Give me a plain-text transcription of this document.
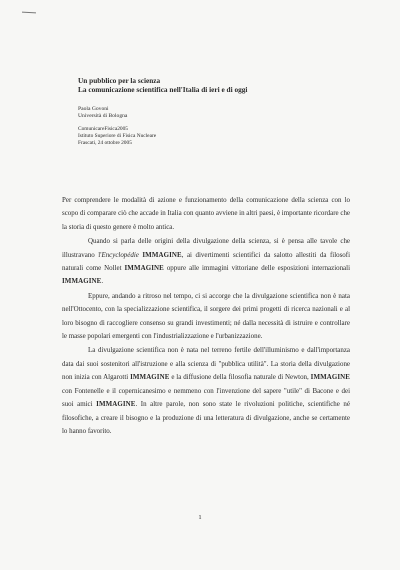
Un pubblico per la scienza
La comunicazione scientifica nell'Italia di ieri e di oggi

Paola Govoni
Università di Bologna
ComunicareFisica2005
Istituto Superiore di Fisica Nucleare
Frascati, 24 ottobre 2005

Per comprendere le modalità di azione e funzionamento della comunicazione della scienza con lo scopo di comparare ciò che accade in Italia con quanto avviene in altri paesi, è importante ricordare che la storia di questo genere è molto antica.

Quando si parla delle origini della divulgazione della scienza, si è pensa alle tavole che illustravano l'Encyclopédie IMMAGINE, ai divertimenti scientifici da salotto allestiti da filosofi naturali come Nollet IMMAGINE oppure alle immagini vittoriane delle esposizioni internazionali IMMAGINE.

Eppure, andando a ritroso nel tempo, ci si accorge che la divulgazione scientifica non è nata nell'Ottocento, con la specializzazione scientifica, il sorgere dei primi progetti di ricerca nazionali e al loro bisogno di raccogliere consenso su grandi investimenti; né dalla necessità di istruire e controllare le masse popolari emergenti con l'industrializzazione e l'urbanizzazione.

La divulgazione scientifica non è nata nel terreno fertile dell'illuminismo e dall'importanza data dai suoi sostenitori all'istruzione e alla scienza di "pubblica utilità". La storia della divulgazione non inizia con Algarotti IMMAGINE e la diffusione della filosofia naturale di Newton, IMMAGINE con Fontenelle e il copernicanesimo e nemmeno con l'invenzione del sapere "utile" di Bacone e dei suoi amici IMMAGINE. In altre parole, non sono state le rivoluzioni politiche, scientifiche né filosofiche, a creare il bisogno e la produzione di una letteratura di divulgazione, anche se certamente lo hanno favorito.

1
